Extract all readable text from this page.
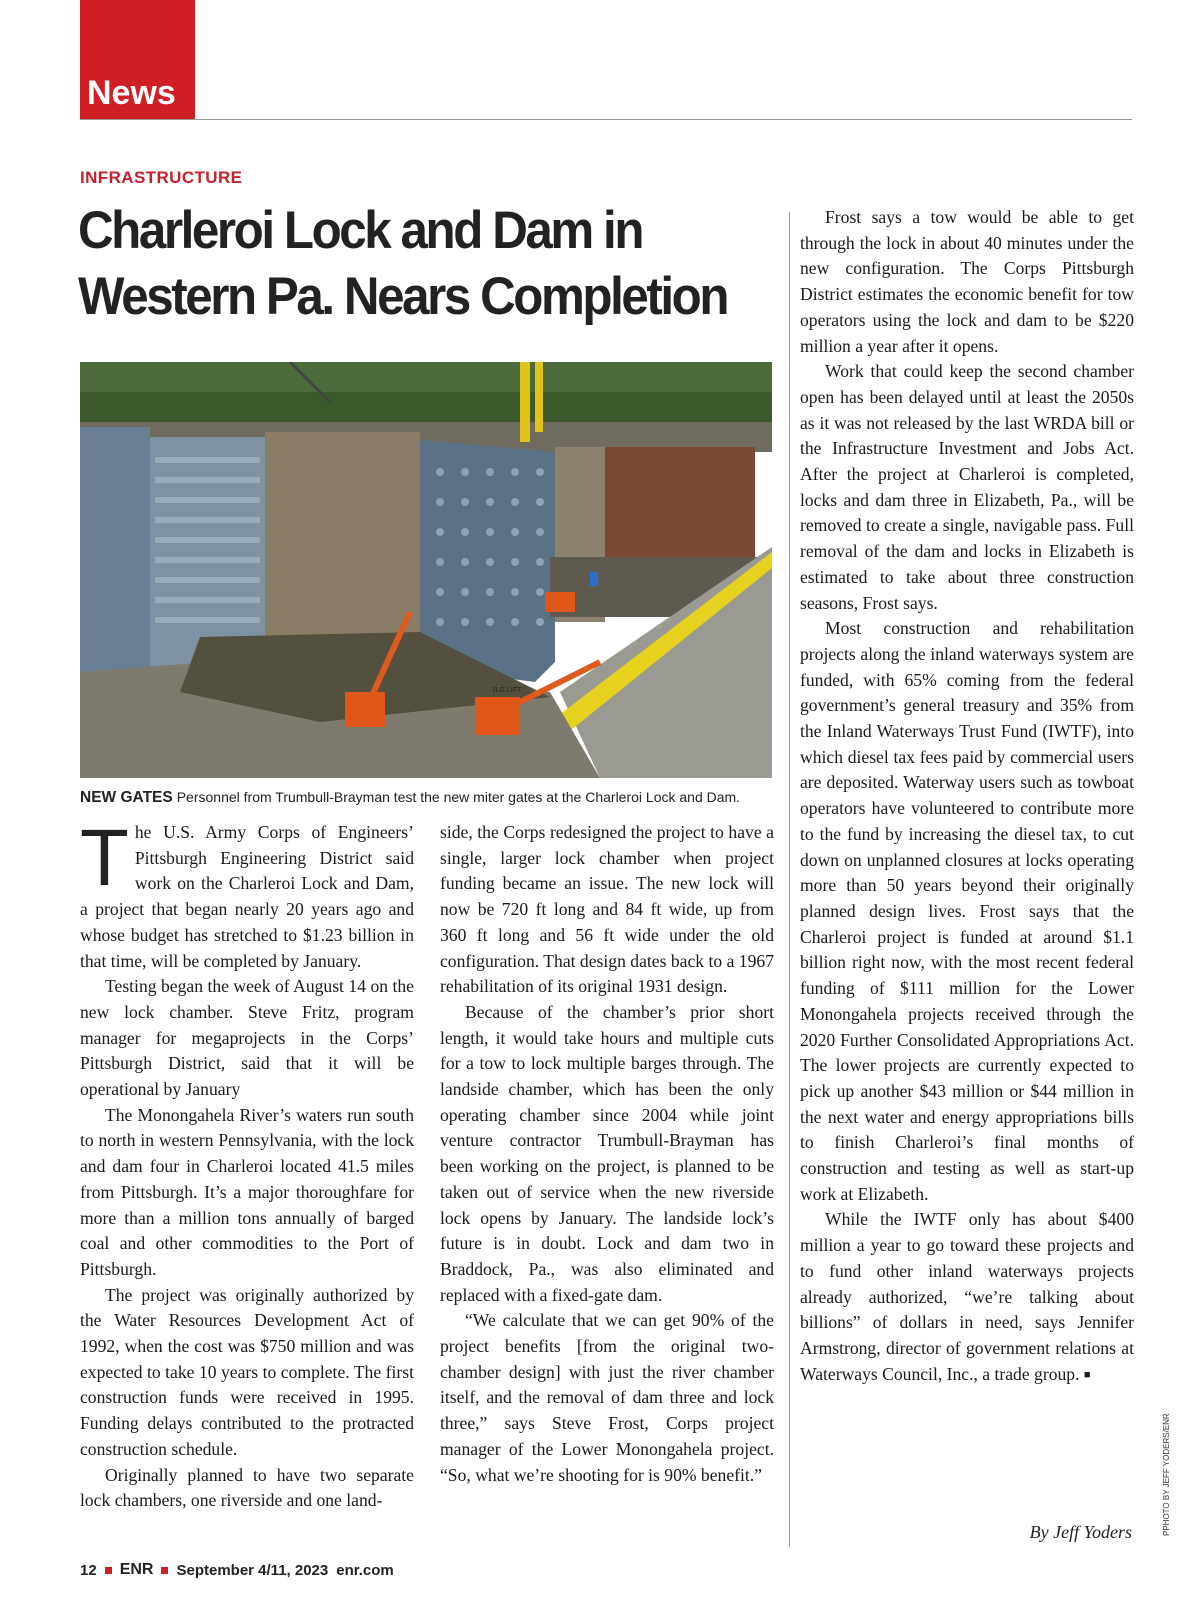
News
INFRASTRUCTURE
Charleroi Lock and Dam in Western Pa. Nears Completion
JLG LIFT
NEW GATES Personnel from Trumbull-Brayman test the new miter gates at the Charleroi Lock and Dam.

The U.S. Army Corps of Engineers’ Pittsburgh Engineering District said work on the Charleroi Lock and Dam, a project that began nearly 20 years ago and whose budget has stretched to $1.23 billion in that time, will be completed by January.

Testing began the week of August 14 on the new lock chamber. Steve Fritz, program manager for megaprojects in the Corps’ Pittsburgh District, said that it will be operational by January

The Monongahela River’s waters run south to north in western Pennsylvania, with the lock and dam four in Charleroi located 41.5 miles from Pittsburgh. It’s a major thoroughfare for more than a million tons annually of barged coal and other commodities to the Port of Pittsburgh.

The project was originally authorized by the Water Resources Development Act of 1992, when the cost was $750 million and was expected to take 10 years to complete. The first construction funds were received in 1995. Funding delays contributed to the protracted construction schedule.

Originally planned to have two separate lock chambers, one riverside and one land-

side, the Corps redesigned the project to have a single, larger lock chamber when project funding became an issue. The new lock will now be 720 ft long and 84 ft wide, up from 360 ft long and 56 ft wide under the old configuration. That design dates back to a 1967 rehabilitation of its original 1931 design.

Because of the chamber’s prior short length, it would take hours and multiple cuts for a tow to lock multiple barges through. The landside chamber, which has been the only operating chamber since 2004 while joint venture contractor Trumbull-Brayman has been working on the project, is planned to be taken out of service when the new riverside lock opens by January. The landside lock’s future is in doubt. Lock and dam two in Braddock, Pa., was also eliminated and replaced with a fixed-gate dam.

“We calculate that we can get 90% of the project benefits [from the original two-chamber design] with just the river chamber itself, and the removal of dam three and lock three,” says Steve Frost, Corps project manager of the Lower Monongahela project. “So, what we’re shooting for is 90% benefit.”

Frost says a tow would be able to get through the lock in about 40 minutes under the new configuration. The Corps Pittsburgh District estimates the economic benefit for tow operators using the lock and dam to be $220 million a year after it opens.

Work that could keep the second chamber open has been delayed until at least the 2050s as it was not released by the last WRDA bill or the Infrastructure Investment and Jobs Act. After the project at Charleroi is completed, locks and dam three in Elizabeth, Pa., will be removed to create a single, navigable pass. Full removal of the dam and locks in Elizabeth is estimated to take about three construction seasons, Frost says.

Most construction and rehabilitation projects along the inland waterways system are funded, with 65% coming from the federal government’s general treasury and 35% from the Inland Waterways Trust Fund (IWTF), into which diesel tax fees paid by commercial users are deposited. Waterway users such as towboat operators have volunteered to contribute more to the fund by increasing the diesel tax, to cut down on unplanned closures at locks operating more than 50 years beyond their originally planned design lives. Frost says that the Charleroi project is funded at around $1.1 billion right now, with the most recent federal funding of $111 million for the Lower Monongahela projects received through the 2020 Further Consolidated Appropriations Act. The lower projects are currently expected to pick up another $43 million or $44 million in the next water and energy appropriations bills to finish Charleroi’s final months of construction and testing as well as start-up work at Elizabeth.

While the IWTF only has about $400 million a year to go toward these projects and to fund other inland waterways projects already authorized, “we’re talking about billions” of dollars in need, says Jennifer Armstrong, director of government relations at Waterways Council, Inc., a trade group. ■

By Jeff Yoders	PPHOTO BY JEFF YODERS/ENR
12 ENR September 4/11, 2023 enr.com
